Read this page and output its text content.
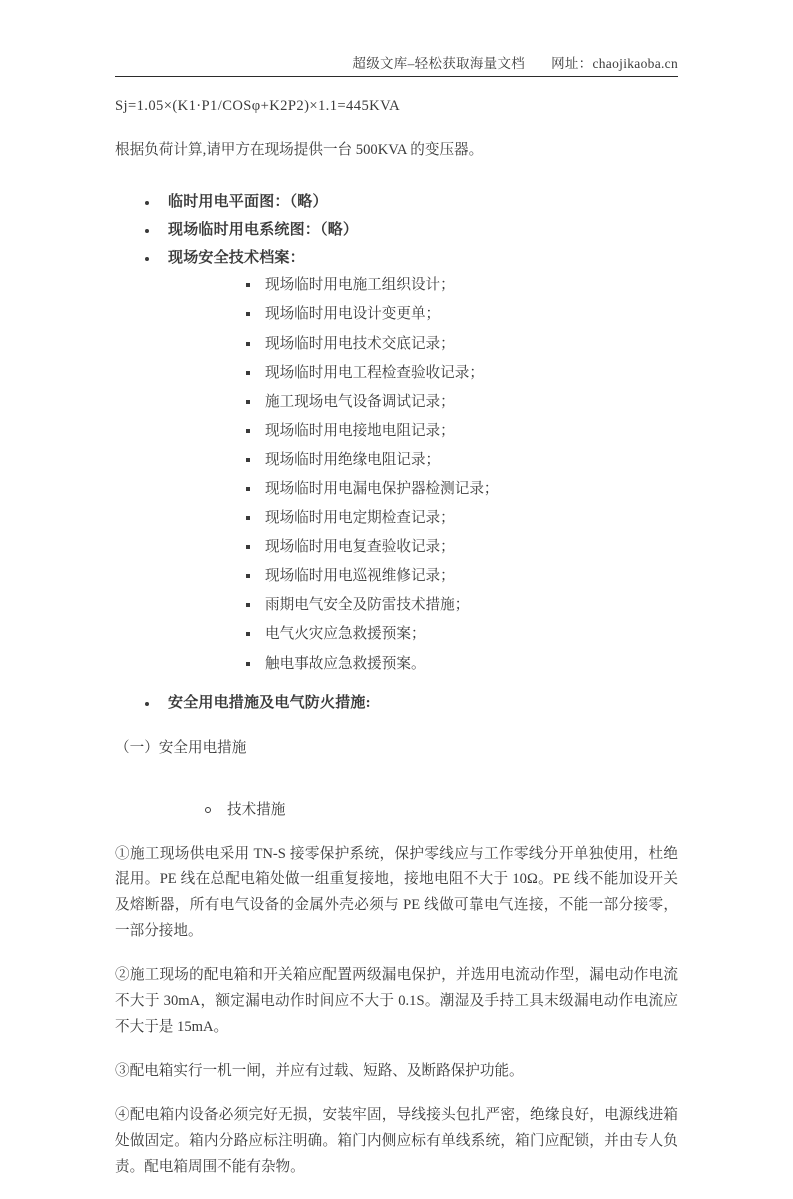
超级文库–轻松获取海量文档 网址：chaojikaoba.cn

Sj=1.05×(K1·P1/COSφ+K2P2)×1.1=445KVA

根据负荷计算,请甲方在现场提供一台 500KVA 的变压器。

临时用电平面图：（略）
现场临时用电系统图：（略）
现场安全技术档案：
现场临时用电施工组织设计；
现场临时用电设计变更单；
现场临时用电技术交底记录；
现场临时用电工程检查验收记录；
施工现场电气设备调试记录；
现场临时用电接地电阻记录；
现场临时用绝缘电阻记录；
现场临时用电漏电保护器检测记录；
现场临时用电定期检查记录；
现场临时用电复查验收记录；
现场临时用电巡视维修记录；
雨期电气安全及防雷技术措施；
电气火灾应急救援预案；
触电事故应急救援预案。
安全用电措施及电气防火措施:

（一）安全用电措施

技术措施

①施工现场供电采用 TN-S 接零保护系统，保护零线应与工作零线分开单独使用，杜绝混用。PE 线在总配电箱处做一组重复接地，接地电阻不大于 10Ω。PE 线不能加设开关及熔断器，所有电气设备的金属外壳必须与 PE 线做可靠电气连接，不能一部分接零，一部分接地。

②施工现场的配电箱和开关箱应配置两级漏电保护，并选用电流动作型，漏电动作电流不大于 30mA，额定漏电动作时间应不大于 0.1S。潮湿及手持工具末级漏电动作电流应不大于是 15mA。

③配电箱实行一机一闸，并应有过载、短路、及断路保护功能。

④配电箱内设备必须完好无损，安装牢固，导线接头包扎严密，绝缘良好，电源线进箱处做固定。箱内分路应标注明确。箱门内侧应标有单线系统，箱门应配锁，并由专人负责。配电箱周围不能有杂物。
